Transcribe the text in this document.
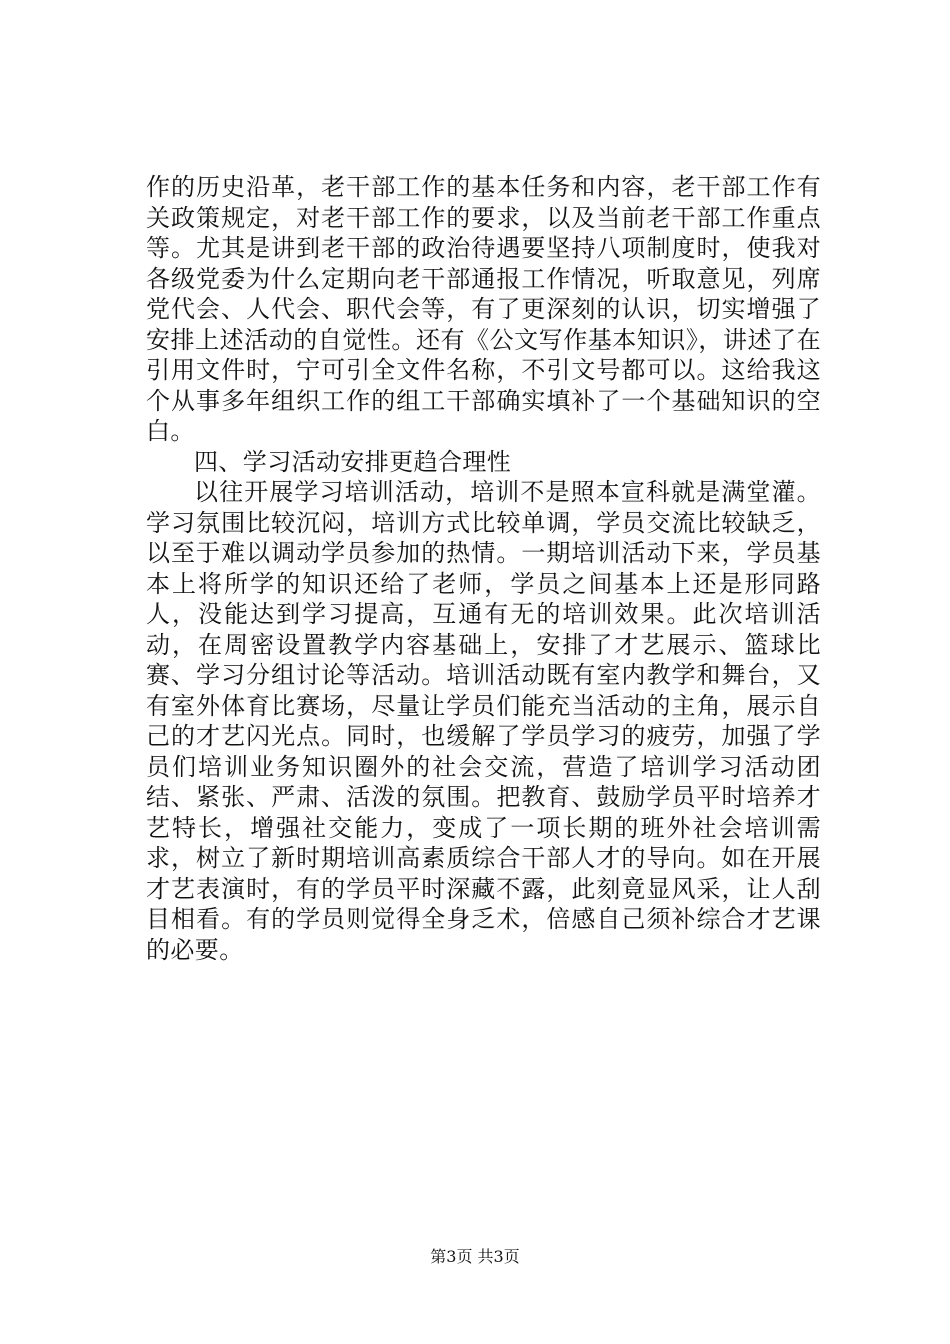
作的历史沿革，老干部工作的基本任务和内容，老干部工作有关政策规定，对老干部工作的要求，以及当前老干部工作重点等。尤其是讲到老干部的政治待遇要坚持八项制度时，使我对各级党委为什么定期向老干部通报工作情况，听取意见，列席党代会、人代会、职代会等，有了更深刻的认识，切实增强了安排上述活动的自觉性。还有《公文写作基本知识》，讲述了在引用文件时，宁可引全文件名称，不引文号都可以。这给我这个从事多年组织工作的组工干部确实填补了一个基础知识的空白。

四、学习活动安排更趋合理性

以往开展学习培训活动，培训不是照本宣科就是满堂灌。学习氛围比较沉闷，培训方式比较单调，学员交流比较缺乏，以至于难以调动学员参加的热情。一期培训活动下来，学员基本上将所学的知识还给了老师，学员之间基本上还是形同路人，没能达到学习提高，互通有无的培训效果。此次培训活动，在周密设置教学内容基础上，安排了才艺展示、篮球比赛、学习分组讨论等活动。培训活动既有室内教学和舞台，又有室外体育比赛场，尽量让学员们能充当活动的主角，展示自己的才艺闪光点。同时，也缓解了学员学习的疲劳，加强了学员们培训业务知识圈外的社会交流，营造了培训学习活动团结、紧张、严肃、活泼的氛围。把教育、鼓励学员平时培养才艺特长，增强社交能力，变成了一项长期的班外社会培训需求，树立了新时期培训高素质综合干部人才的导向。如在开展才艺表演时，有的学员平时深藏不露，此刻竟显风采，让人刮目相看。有的学员则觉得全身乏术，倍感自己须补综合才艺课的必要。

第3页 共3页
